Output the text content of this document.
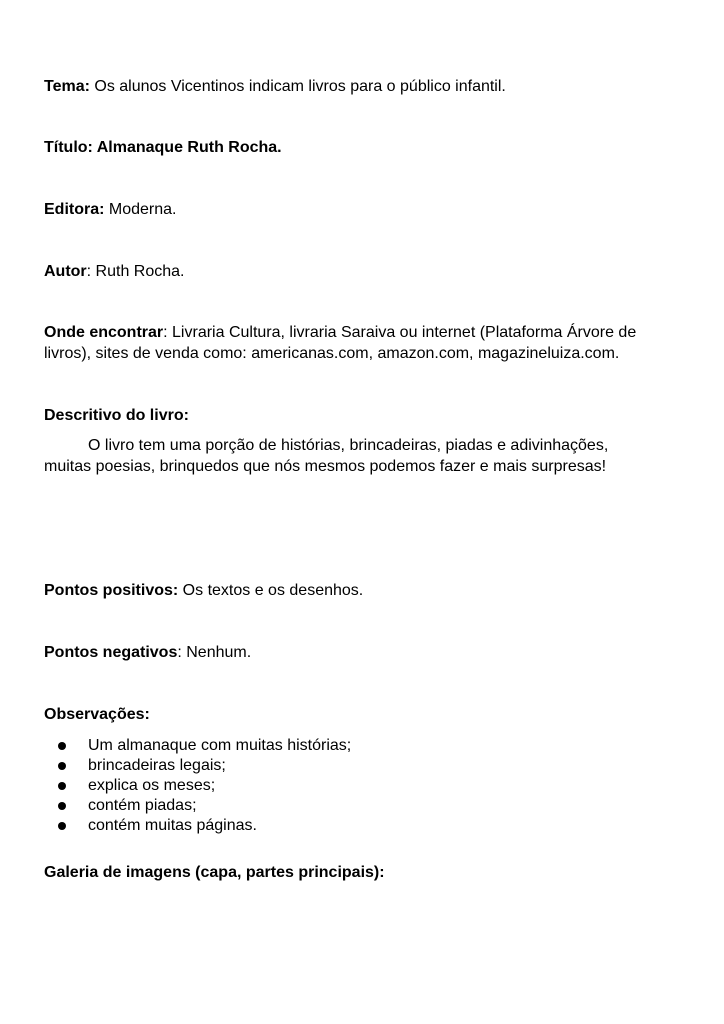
Tema: Os alunos Vicentinos indicam livros para o público infantil.
Título: Almanaque Ruth Rocha.
Editora: Moderna.
Autor: Ruth Rocha.
Onde encontrar: Livraria Cultura, livraria Saraiva ou internet (Plataforma Árvore de
livros), sites de venda como: americanas.com, amazon.com, magazineluiza.com.
Descritivo do livro:
O livro tem uma porção de histórias, brincadeiras, piadas e adivinhações,
muitas poesias, brinquedos que nós mesmos podemos fazer e mais surpresas!
Pontos positivos: Os textos e os desenhos.
Pontos negativos: Nenhum.
Observações:
Um almanaque com muitas histórias;
brincadeiras legais;
explica os meses;
contém piadas;
contém muitas páginas.
Galeria de imagens (capa, partes principais):
